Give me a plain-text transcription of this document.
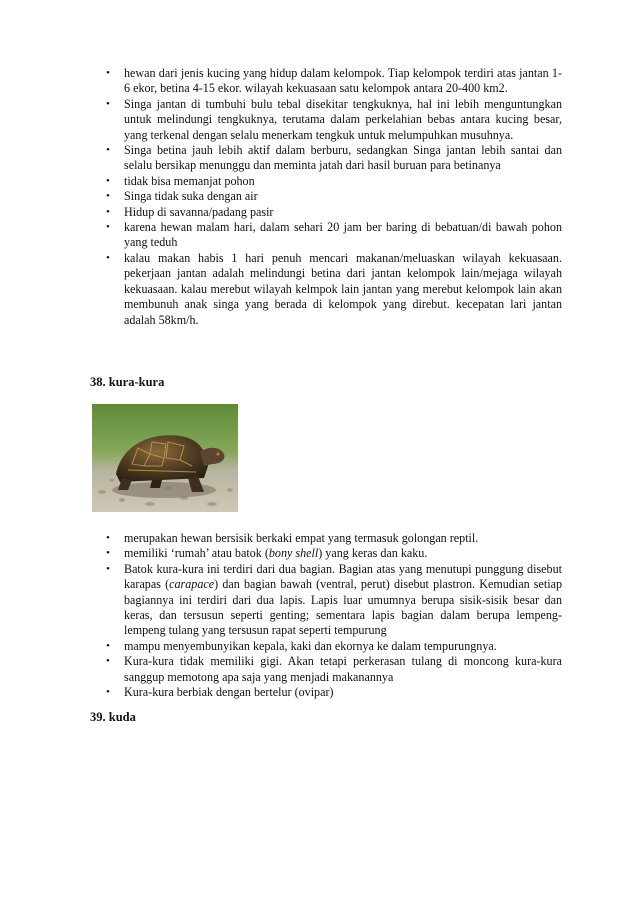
•	hewan dari jenis kucing yang hidup dalam kelompok. Tiap kelompok terdiri atas jantan 1-6 ekor, betina 4-15 ekor. wilayah kekuasaan satu kelompok antara 20-400 km2.
•	Singa jantan di tumbuhi bulu tebal disekitar tengkuknya, hal ini lebih menguntungkan untuk melindungi tengkuknya, terutama dalam perkelahian bebas antara kucing besar, yang terkenal dengan selalu menerkam tengkuk untuk melumpuhkan musuhnya.
•	Singa betina jauh lebih aktif dalam berburu, sedangkan Singa jantan lebih santai dan selalu bersikap menunggu dan meminta jatah dari hasil buruan para betinanya
•	tidak bisa memanjat pohon
•	Singa tidak suka dengan air
•	Hidup di savanna/padang pasir
•	karena hewan malam hari, dalam sehari 20 jam ber baring di bebatuan/di bawah pohon yang teduh
•	kalau makan habis 1 hari penuh mencari makanan/meluaskan wilayah kekuasaan. pekerjaan jantan adalah melindungi betina dari jantan kelompok lain/mejaga wilayah kekuasaan. kalau merebut wilayah kelmpok lain jantan yang merebut kelompok lain akan membunuh anak singa yang berada di kelompok yang direbut. kecepatan lari jantan adalah 58km/h.
38. kura-kura
•	merupakan hewan bersisik berkaki empat yang termasuk golongan reptil.
•	memiliki ‘rumah’ atau batok (bony shell) yang keras dan kaku.
•	Batok kura-kura ini terdiri dari dua bagian. Bagian atas yang menutupi punggung disebut karapas (carapace) dan bagian bawah (ventral, perut) disebut plastron. Kemudian setiap bagiannya ini terdiri dari dua lapis. Lapis luar umumnya berupa sisik-sisik besar dan keras, dan tersusun seperti genting; sementara lapis bagian dalam berupa lempeng-lempeng tulang yang tersusun rapat seperti tempurung
•	mampu menyembunyikan kepala, kaki dan ekornya ke dalam tempurungnya.
•	Kura-kura tidak memiliki gigi. Akan tetapi perkerasan tulang di moncong kura-kura sanggup memotong apa saja yang menjadi makanannya
•	Kura-kura berbiak dengan bertelur (ovipar)
39. kuda
